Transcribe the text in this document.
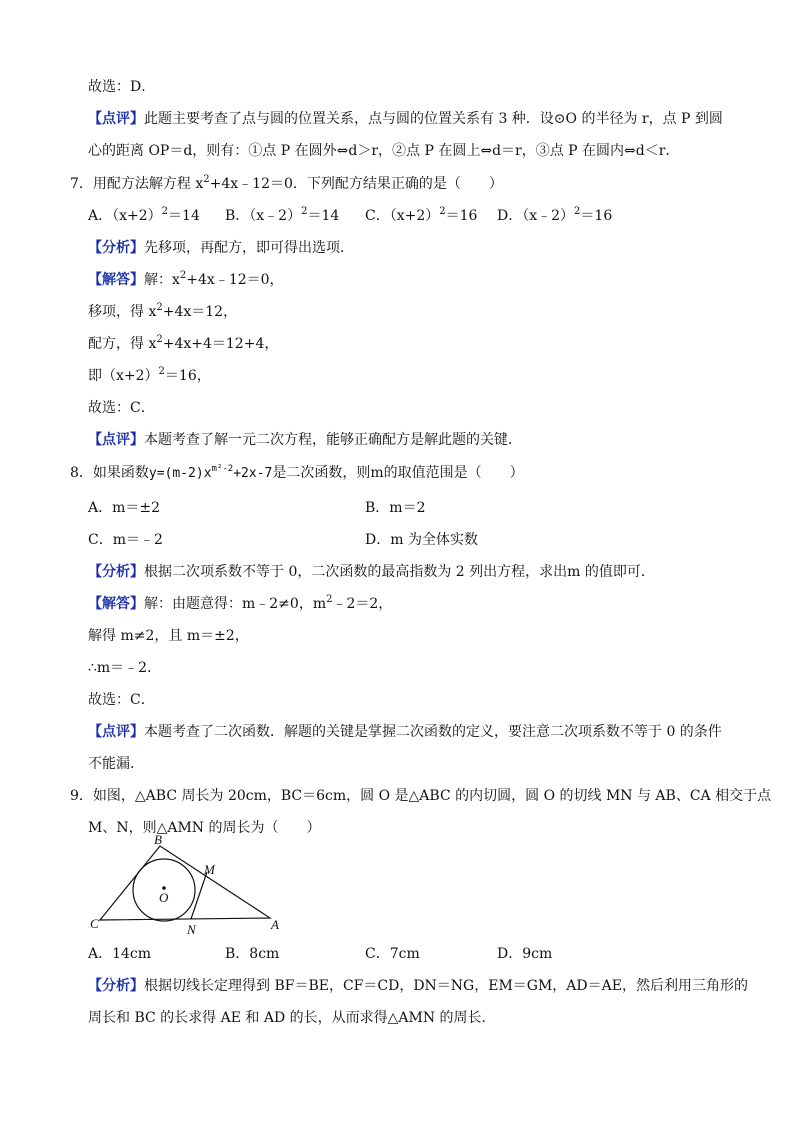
故选：D．
【点评】此题主要考查了点与圆的位置关系，点与圆的位置关系有 3 种．设⊙O 的半径为 r，点 P 到圆
心的距离 OP＝d，则有：①点 P 在圆外⇔d＞r，②点 P 在圆上⇔d＝r，③点 P 在圆内⇔d＜r．
7．用配方法解方程 $x^2+4x﹣12=0$．下列配方结果正确的是（　　）
A．$(x+2)^2=14$ B．（x﹣2）$^2$＝14 C．$(x+2)^2=16$ D．（x﹣2）$^2$＝16
【分析】先移项，再配方，即可得出选项．
【解答】解：$x^2+4x﹣12=0$，
移项，得 $x^2+4x=12$，
配方，得 $x^2+4x+4=12+4$，
即$(x+2)^2=16$，
故选：C．
【点评】本题考查了解一元二次方程，能够正确配方是解此题的关键．
8．如果函数$y=(m-2)x^{m^2-2}+2x-7$是二次函数，则m的取值范围是（　　）
A．m＝±2	B．m＝2
C．m＝﹣2	D．m 为全体实数
【分析】根据二次项系数不等于 0，二次函数的最高指数为 2 列出方程，求出m 的值即可．
【解答】解：由题意得：m﹣2≠0，$m^2﹣2=2$，
解得 m≠2，且 m＝±2，
∴m＝﹣2．
故选：C．
【点评】本题考查了二次函数．解题的关键是掌握二次函数的定义，要注意二次项系数不等于 0 的条件
不能漏．
9．如图，△ABC 周长为 20cm，BC＝6cm，圆 O 是△ABC 的内切圆，圆 O 的切线 MN 与 AB、CA 相交于点
M、N，则△AMN 的周长为（　　）
B
M
O
C	N	A
A．14cm	B．8cm	C．7cm	D．9cm
【分析】根据切线长定理得到 BF＝BE，CF＝CD，DN＝NG，EM＝GM，AD＝AE，然后利用三角形的
周长和 BC 的长求得 AE 和 AD 的长，从而求得△AMN 的周长．
